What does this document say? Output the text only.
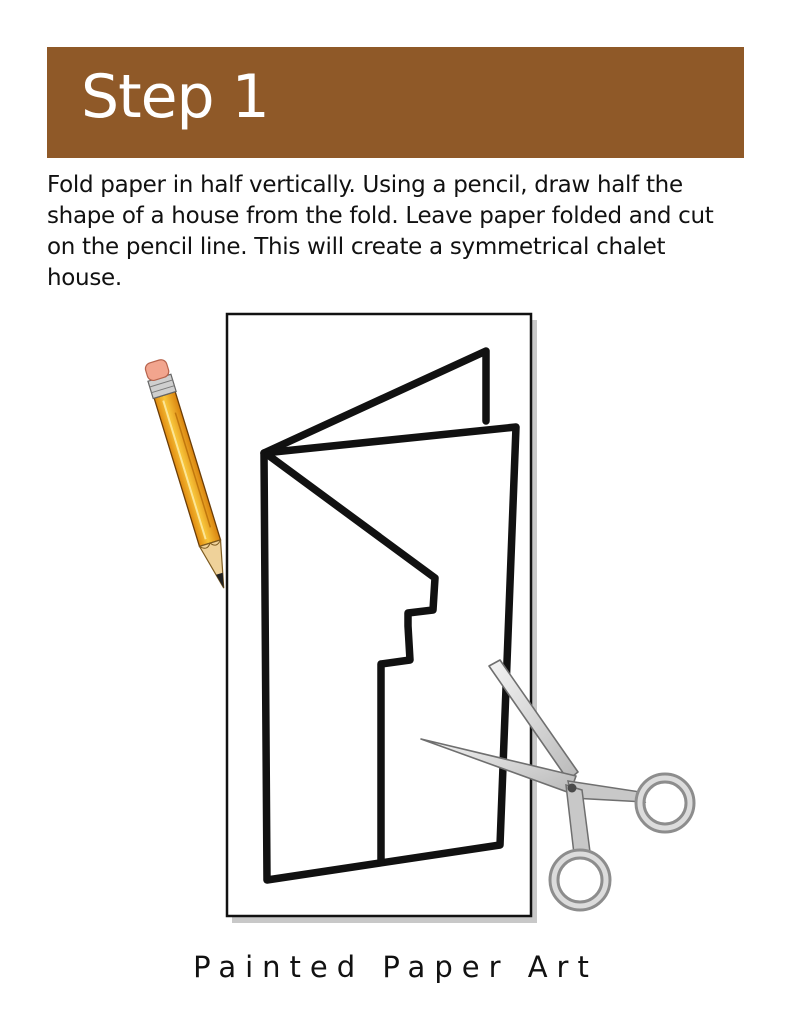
Step 1

Fold paper in half vertically. Using a pencil, draw half the shape of a house from the fold. Leave paper folded and cut on the pencil line. This will create a symmetrical chalet house.

Painted Paper Art
